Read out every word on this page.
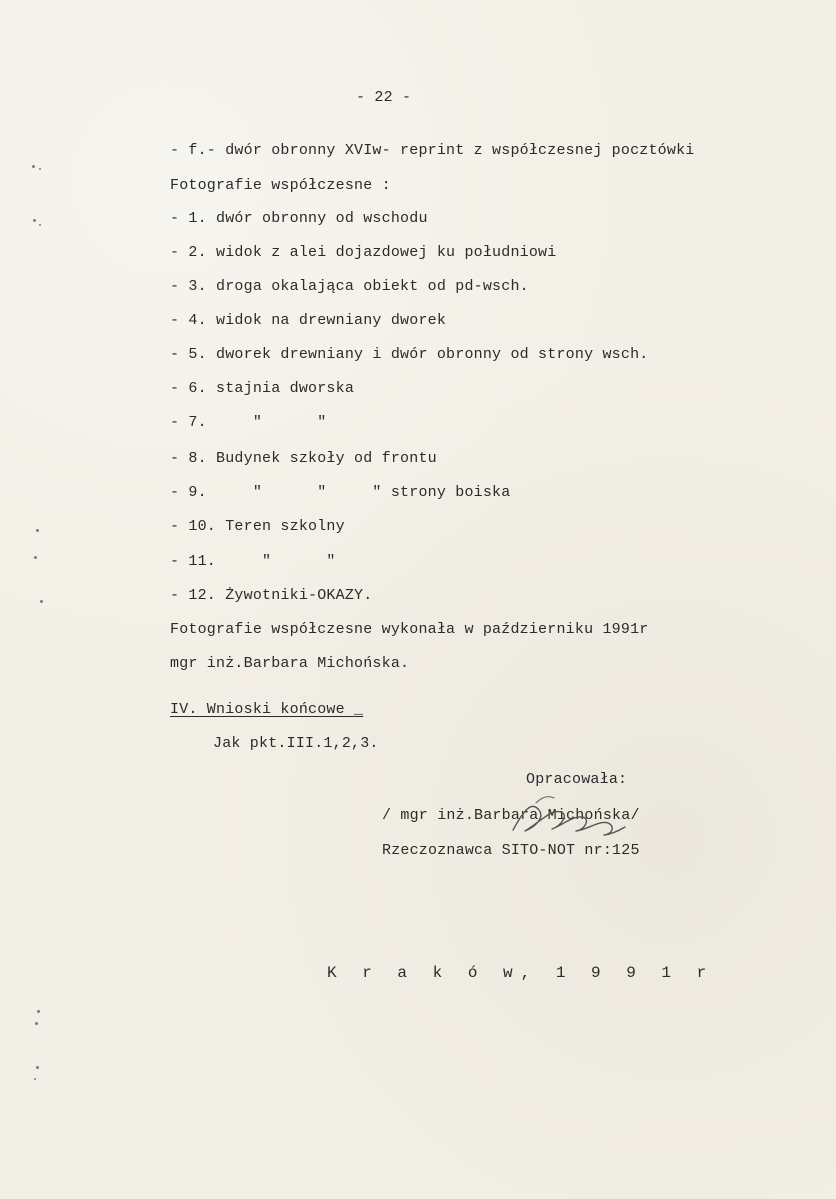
- 22 -
- f.- dwór obronny XVIw- reprint z współczesnej pocztówki
Fotografie współczesne :
- 1. dwór obronny od wschodu
- 2. widok z alei dojazdowej ku południowi
- 3. droga okalająca obiekt od pd-wsch.
- 4. widok na drewniany dworek
- 5. dworek drewniany i dwór obronny od strony wsch.
- 6. stajnia dworska
- 7.     "      "
- 8. Budynek szkoły od frontu
- 9.     "      "     " strony boiska
- 10. Teren szkolny
- 11.     "      "
- 12. Żywotniki-OKAZY.
Fotografie współczesne wykonała w październiku 1991r
mgr inż.Barbara Michońska.
IV. Wnioski końcowe _
Jak pkt.III.1,2,3.
Opracowała:
/ mgr inż.Barbara Michońska/
Rzeczoznawca SITO-NOT nr:125
K r a k ó w, 1 9 9 1 r
